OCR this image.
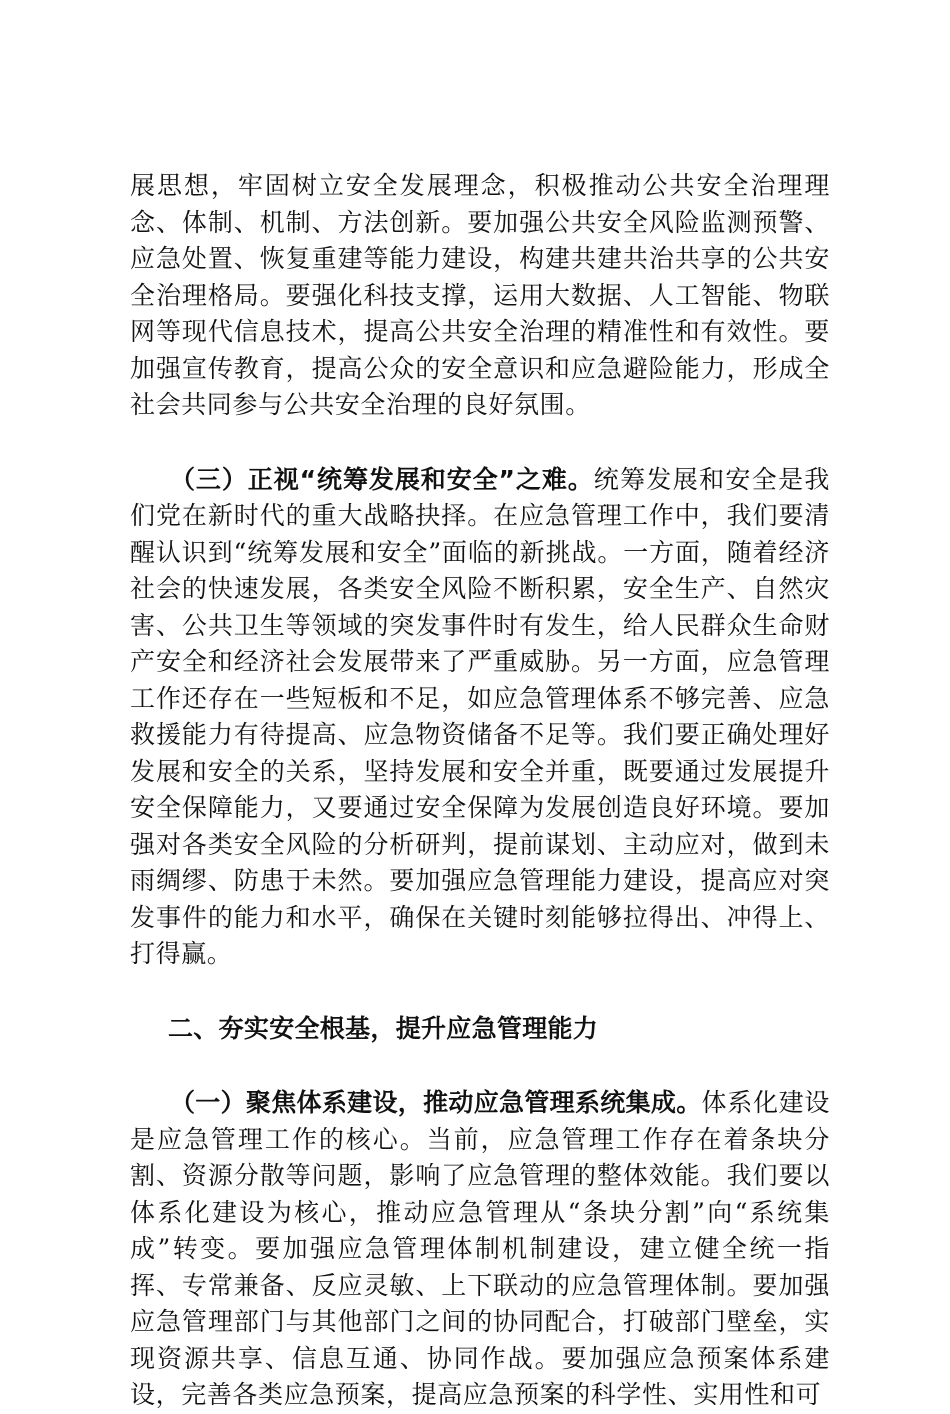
展思想，牢固树立安全发展理念，积极推动公共安全治理理念、体制、机制、方法创新。要加强公共安全风险监测预警、应急处置、恢复重建等能力建设，构建共建共治共享的公共安全治理格局。要强化科技支撑，运用大数据、人工智能、物联网等现代信息技术，提高公共安全治理的精准性和有效性。要加强宣传教育，提高公众的安全意识和应急避险能力，形成全社会共同参与公共安全治理的良好氛围。

（三）正视“统筹发展和安全”之难。统筹发展和安全是我们党在新时代的重大战略抉择。在应急管理工作中，我们要清醒认识到“统筹发展和安全”面临的新挑战。一方面，随着经济社会的快速发展，各类安全风险不断积累，安全生产、自然灾害、公共卫生等领域的突发事件时有发生，给人民群众生命财产安全和经济社会发展带来了严重威胁。另一方面，应急管理工作还存在一些短板和不足，如应急管理体系不够完善、应急救援能力有待提高、应急物资储备不足等。我们要正确处理好发展和安全的关系，坚持发展和安全并重，既要通过发展提升安全保障能力，又要通过安全保障为发展创造良好环境。要加强对各类安全风险的分析研判，提前谋划、主动应对，做到未雨绸缪、防患于未然。要加强应急管理能力建设，提高应对突发事件的能力和水平，确保在关键时刻能够拉得出、冲得上、打得赢。

二、夯实安全根基，提升应急管理能力

（一）聚焦体系建设，推动应急管理系统集成。体系化建设是应急管理工作的核心。当前，应急管理工作存在着条块分割、资源分散等问题，影响了应急管理的整体效能。我们要以体系化建设为核心，推动应急管理从“条块分割”向“系统集成”转变。要加强应急管理体制机制建设，建立健全统一指挥、专常兼备、反应灵敏、上下联动的应急管理体制。要加强应急管理部门与其他部门之间的协同配合，打破部门壁垒，实现资源共享、信息互通、协同作战。要加强应急预案体系建设，完善各类应急预案，提高应急预案的科学性、实用性和可
